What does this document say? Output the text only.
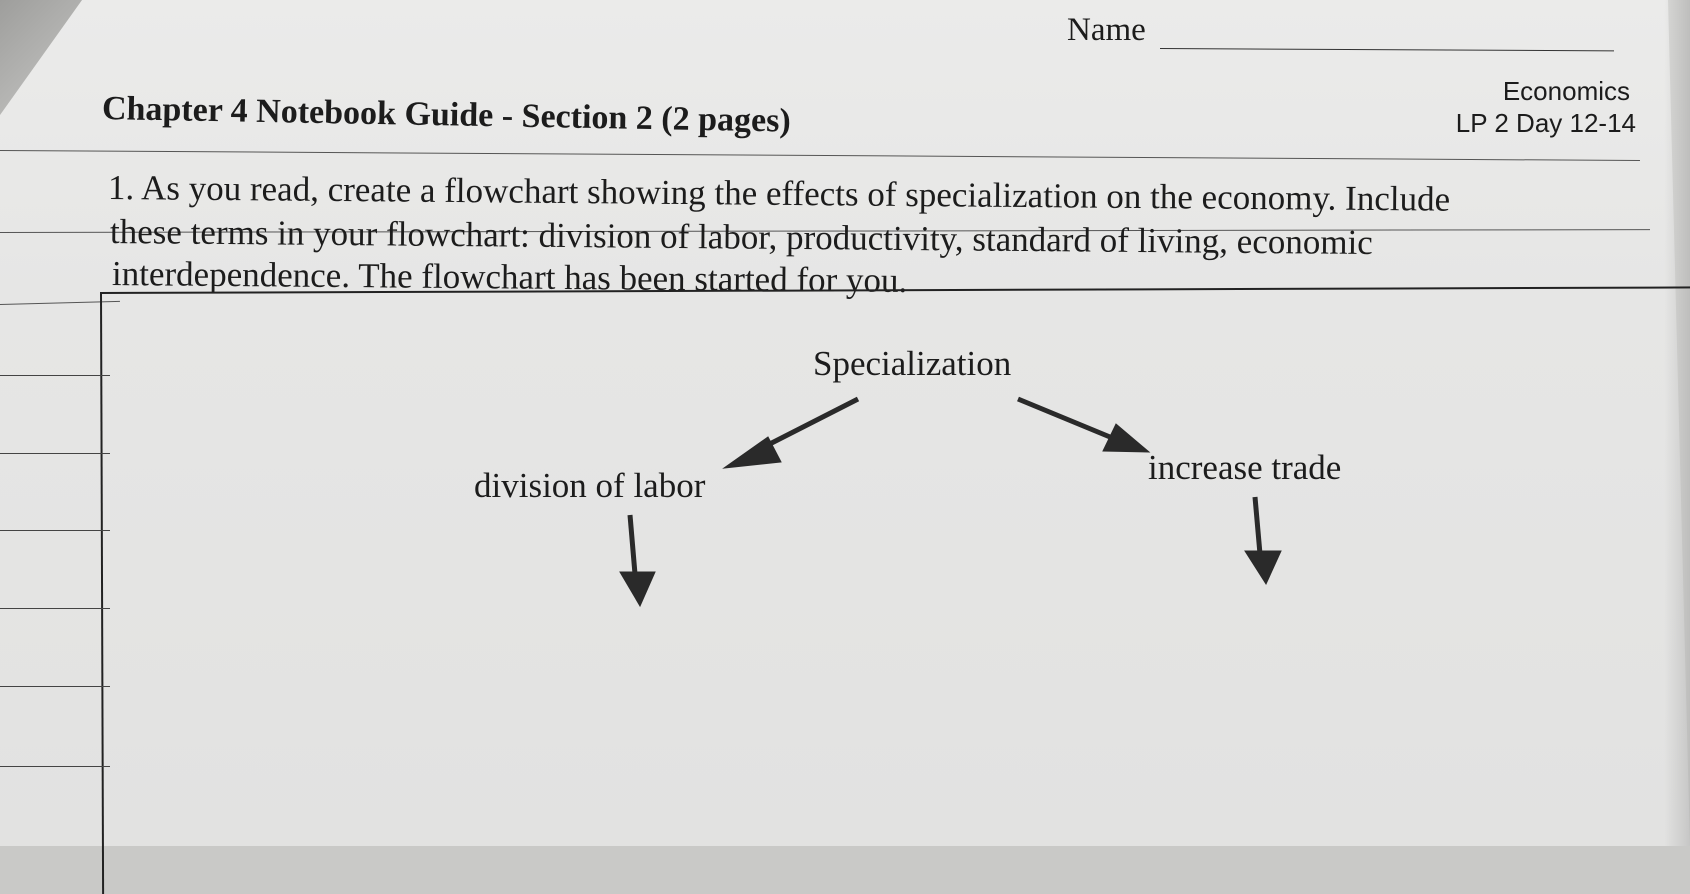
Name
Chapter 4 Notebook Guide - Section 2 (2 pages)	Economics
LP 2 Day 12-14
1. As you read, create a flowchart showing the effects of specialization on the economy. Include
these terms in your flowchart: division of labor, productivity, standard of living, economic
interdependence. The flowchart has been started for you.
Specialization
division of labor	increase trade
